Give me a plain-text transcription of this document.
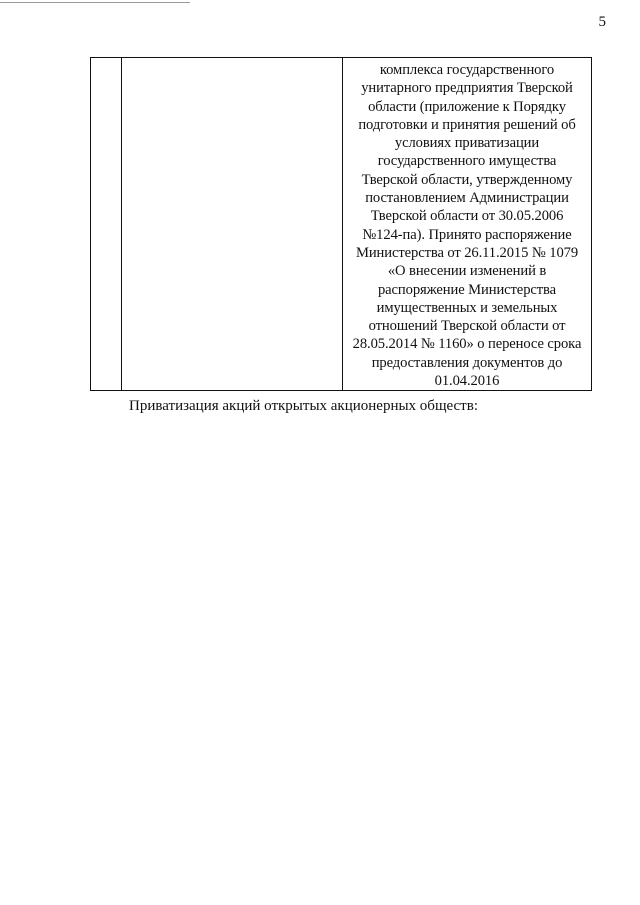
5

комплекса государственного
унитарного предприятия Тверской
области (приложение к Порядку
подготовки и принятия решений об
условиях приватизации
государственного имущества
Тверской области, утвержденному
постановлением Администрации
Тверской области от 30.05.2006
№124-па). Принято распоряжение
Министерства от 26.11.2015 № 1079
«О внесении изменений в
распоряжение Министерства
имущественных и земельных
отношений Тверской области от
28.05.2014 № 1160» о переносе срока
предоставления документов до
01.04.2016
Приватизация акций открытых акционерных обществ:
